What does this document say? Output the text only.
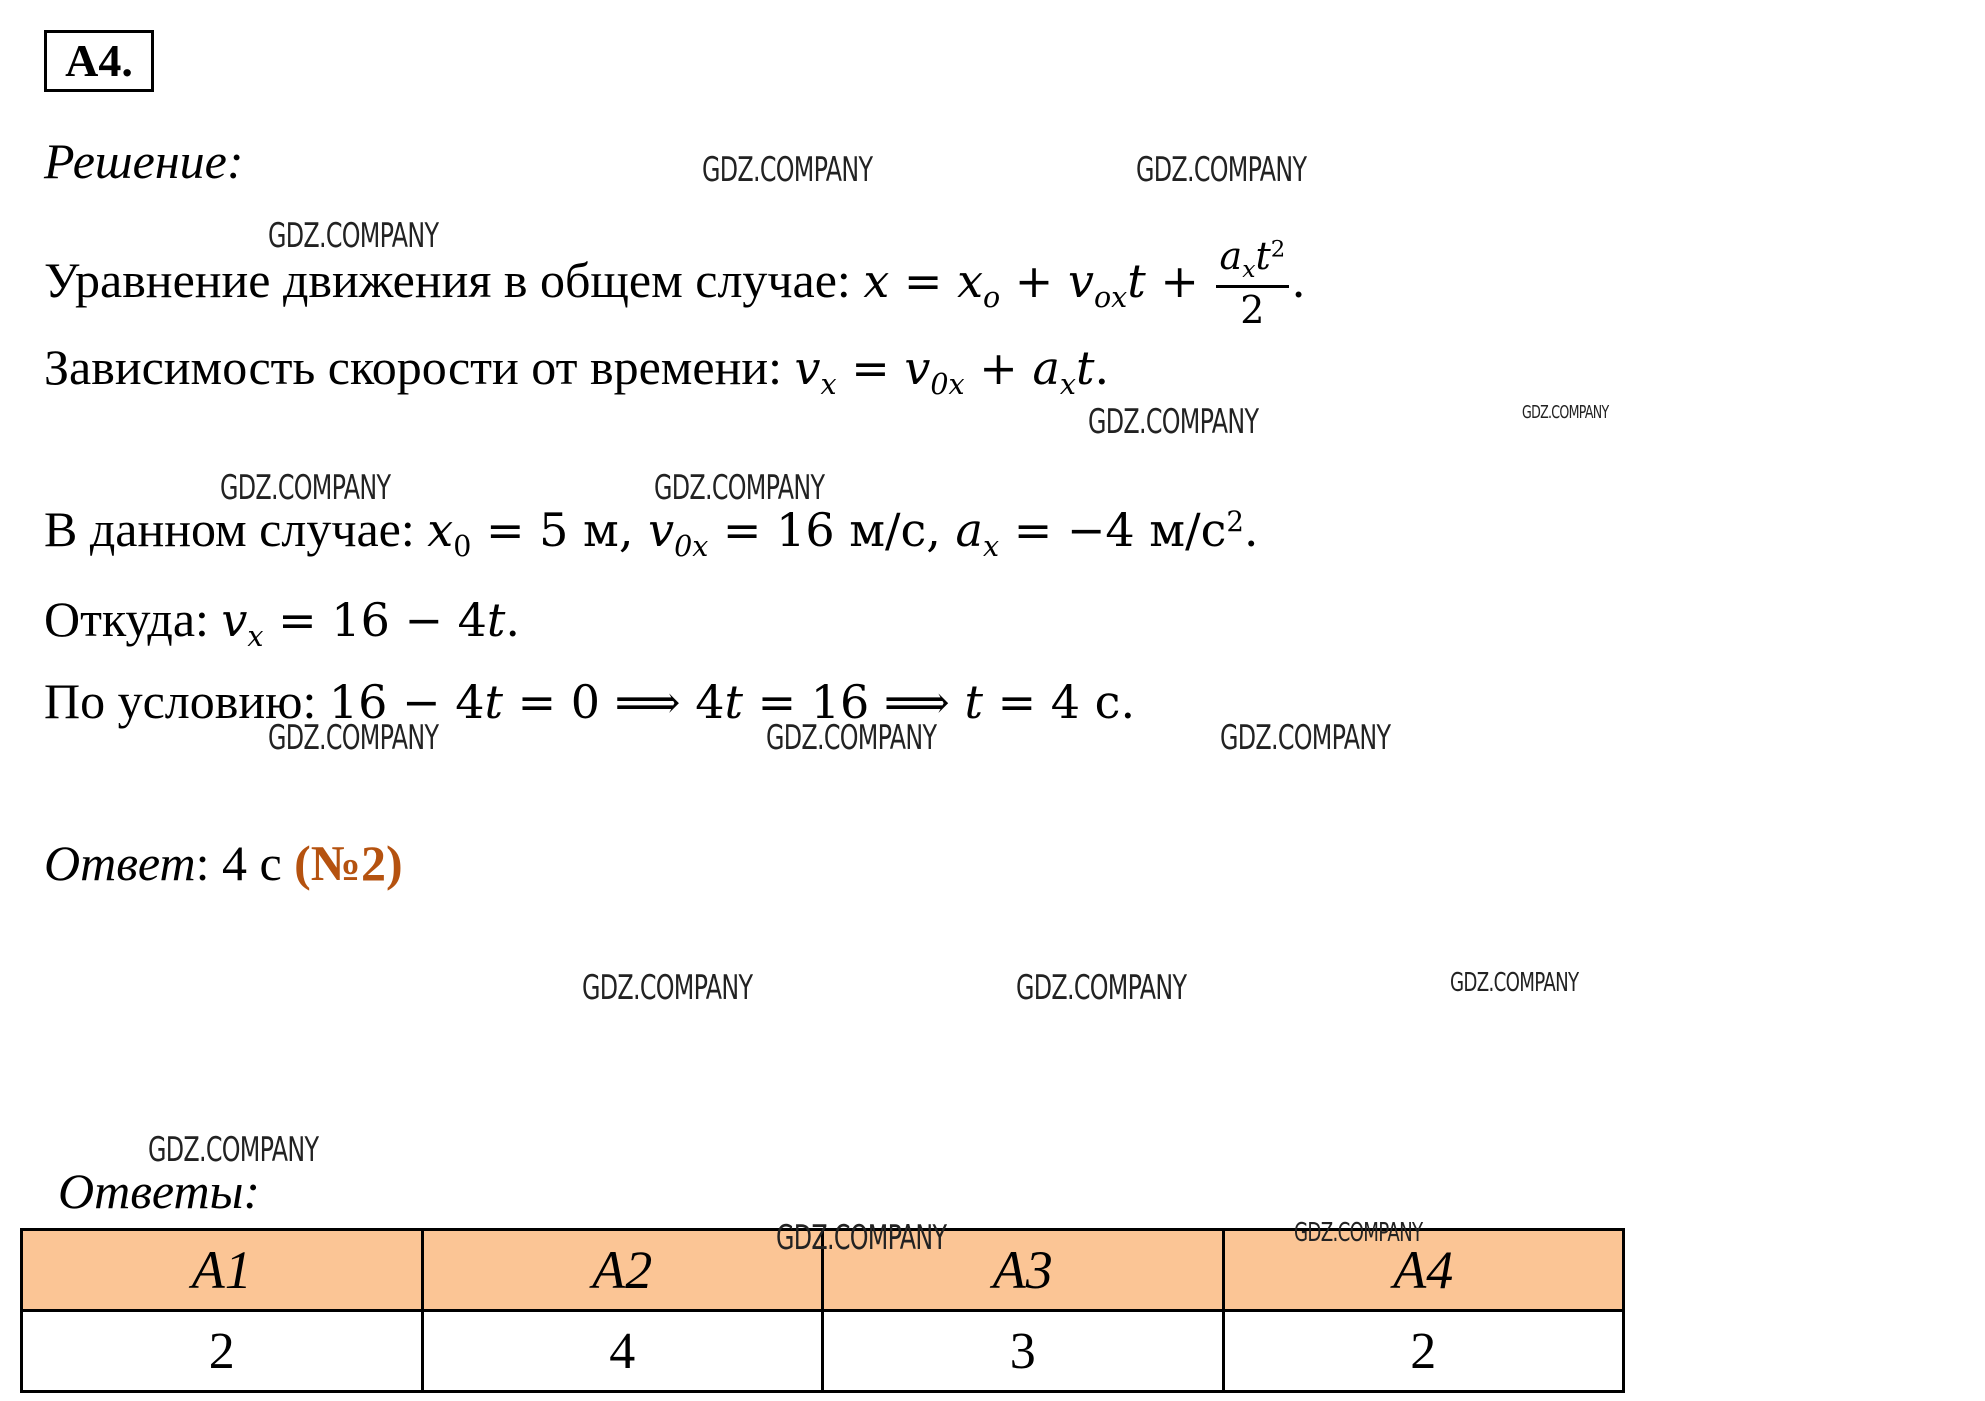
A4.
Решение:
Уравнение движения в общем случае: $x = x_o + v_{ox}t + \frac{a_xt^2}{2}$ .
Зависимость скорости от времени: $v_x = v_{0x} + a_xt$.
В данном случае: $x_0 = 5$ м, $v_{0x} = 16$ м/с, $a_x = -4$ $м/с^2$.
Откуда: $v_x = 16 - 4t$.
По условию: 16 − 4t = 0 ⟹ 4t = 16 ⟹ t = 4 с.
Ответ: 4 с (№2)
Ответы:
A1	A2	A3	A4
2	4	3	2
GDZ.COMPANY	GDZ.COMPANY
GDZ.COMPANY
GDZ.COMPANY	GDZ.COMPANY
GDZ.COMPANY	GDZ.COMPANY
GDZ.COMPANY	GDZ.COMPANY	GDZ.COMPANY
GDZ.COMPANY	GDZ.COMPANY	GDZ.COMPANY
GDZ.COMPANY
GDZ.COMPANY	GDZ.COMPANY
